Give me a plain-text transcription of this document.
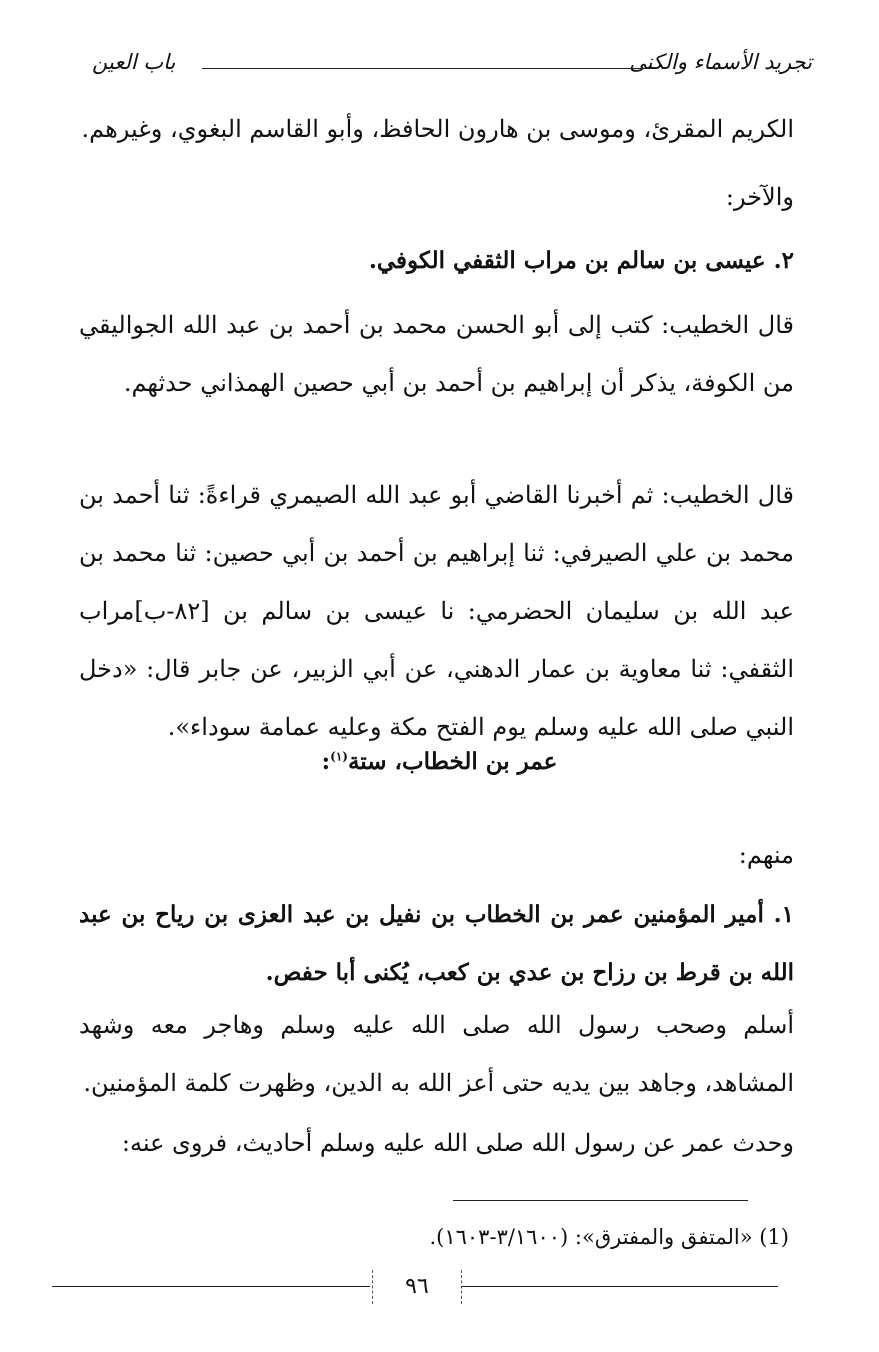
تجريد الأسماء والكنى
باب العين
الكريم المقرئ، وموسى بن هارون الحافظ، وأبو القاسم البغوي، وغيرهم.
والآخر:
٢. عيسى بن سالم بن مراب الثقفي الكوفي.
قال الخطيب: كتب إلى أبو الحسن محمد بن أحمد بن عبد الله الجواليقي من الكوفة، يذكر أن إبراهيم بن أحمد بن أبي حصين الهمذاني حدثهم.
قال الخطيب: ثم أخبرنا القاضي أبو عبد الله الصيمري قراءةً: ثنا أحمد بن محمد بن علي الصيرفي: ثنا إبراهيم بن أحمد بن أبي حصين: ثنا محمد بن عبد الله بن سليمان الحضرمي: نا عيسى بن سالم بن [٨٢-ب]مراب الثقفي: ثنا معاوية بن عمار الدهني، عن أبي الزبير، عن جابر قال: «دخل النبي صلى الله عليه وسلم يوم الفتح مكة وعليه عمامة سوداء».
عمر بن الخطاب، ستة$^{(١)}$:
منهم:
١. أمير المؤمنين عمر بن الخطاب بن نفيل بن عبد العزى بن رياح بن عبد الله بن قرط بن رزاح بن عدي بن كعب، يُكنى أبا حفص.
أسلم وصحب رسول الله صلى الله عليه وسلم وهاجر معه وشهد المشاهد، وجاهد بين يديه حتى أعز الله به الدين، وظهرت كلمة المؤمنين.
وحدث عمر عن رسول الله صلى الله عليه وسلم أحاديث، فروى عنه:
(1) «المتفق والمفترق»: (٣/١٦٠٠-١٦٠٣).
٩٦
